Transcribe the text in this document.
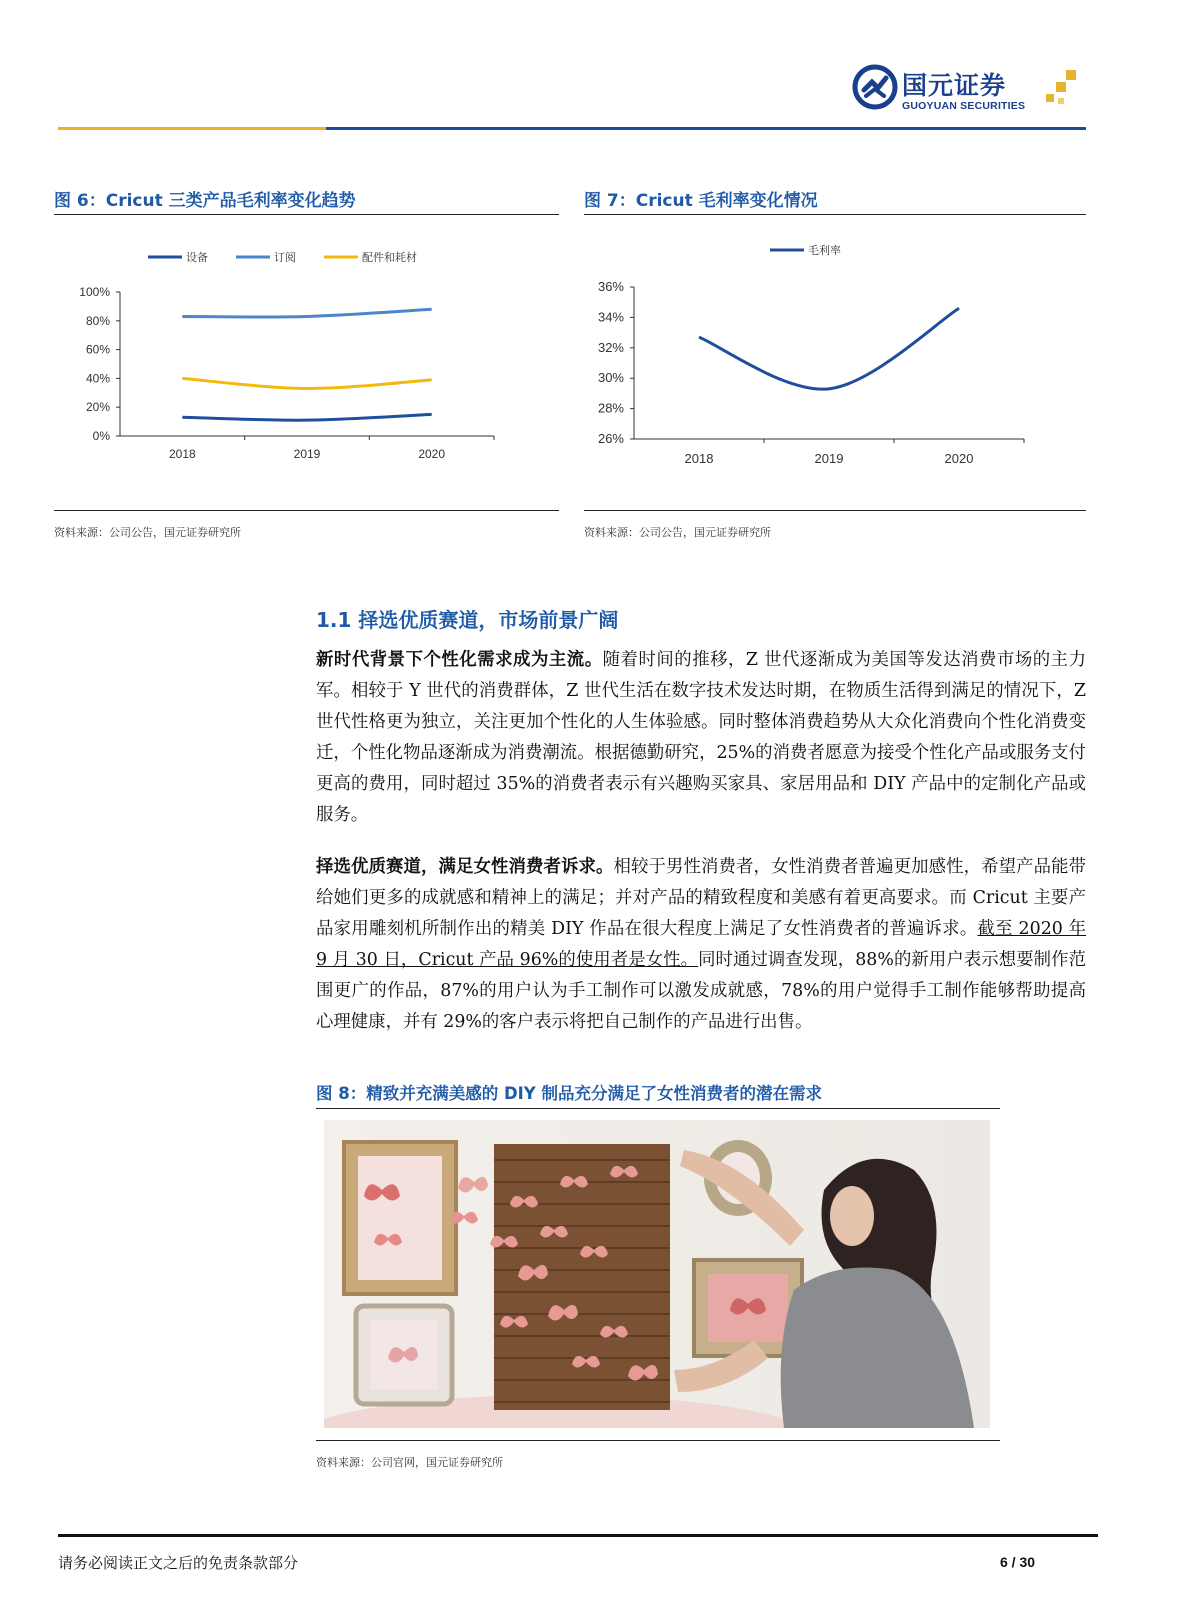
国元证券
GUOYUAN SECURITIES
图 6：Cricut 三类产品毛利率变化趋势
100%
80%
60%
40%
20%
0%
2018	2019	2020
设备	订阅	配件和耗材
资料来源：公司公告，国元证券研究所
图 7：Cricut 毛利率变化情况
36%
34%
32%
30%
28%
26%
2018	2019	2020
毛利率
资料来源：公司公告，国元证券研究所
1.1 择选优质赛道，市场前景广阔
新时代背景下个性化需求成为主流。随着时间的推移，Z 世代逐渐成为美国等发达消费市场的主力军。相较于 Y 世代的消费群体，Z 世代生活在数字技术发达时期，在物质生活得到满足的情况下，Z 世代性格更为独立，关注更加个性化的人生体验感。同时整体消费趋势从大众化消费向个性化消费变迁，个性化物品逐渐成为消费潮流。根据德勤研究，25%的消费者愿意为接受个性化产品或服务支付更高的费用，同时超过 35%的消费者表示有兴趣购买家具、家居用品和 DIY 产品中的定制化产品或服务。
择选优质赛道，满足女性消费者诉求。相较于男性消费者，女性消费者普遍更加感性，希望产品能带给她们更多的成就感和精神上的满足；并对产品的精致程度和美感有着更高要求。而 Cricut 主要产品家用雕刻机所制作出的精美 DIY 作品在很大程度上满足了女性消费者的普遍诉求。截至 2020 年 9 月 30 日，Cricut 产品 96%的使用者是女性。同时通过调查发现，88%的新用户表示想要制作范围更广的作品，87%的用户认为手工制作可以激发成就感，78%的用户觉得手工制作能够帮助提高心理健康，并有 29%的客户表示将把自己制作的产品进行出售。
图 8：精致并充满美感的 DIY 制品充分满足了女性消费者的潜在需求
资料来源：公司官网，国元证券研究所
请务必阅读正文之后的免责条款部分	6 / 30
